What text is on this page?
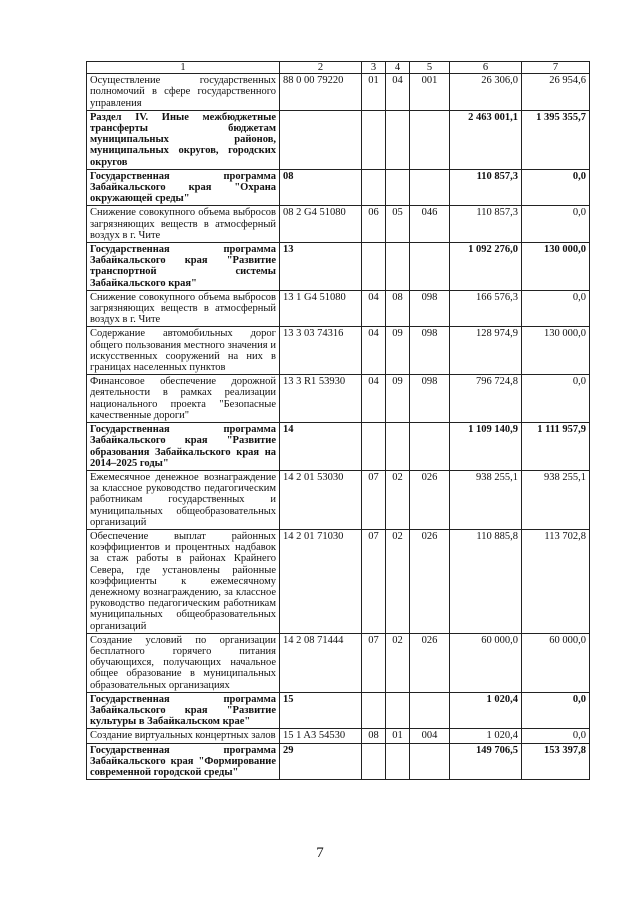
1	2	3	4	5	6	7
Осуществление государственных полномочий в сфере государственного управления	88 0 00 79220	01	04	001	26 306,0	26 954,6
Раздел IV. Иные межбюджетные трансферты бюджетам муниципальных районов, муниципальных округов, городских округов					2 463 001,1	1 395 355,7
Государственная программа Забайкальского края "Охрана окружающей среды"	08				110 857,3	0,0
Снижение совокупного объема выбросов загрязняющих веществ в атмосферный воздух в г. Чите	08 2 G4 51080	06	05	046	110 857,3	0,0
Государственная программа Забайкальского края "Развитие транспортной системы Забайкальского края"	13				1 092 276,0	130 000,0
Снижение совокупного объема выбросов загрязняющих веществ в атмосферный воздух в г. Чите	13 1 G4 51080	04	08	098	166 576,3	0,0
Содержание автомобильных дорог общего пользования местного значения и искусственных сооружений на них в границах населенных пунктов	13 3 03 74316	04	09	098	128 974,9	130 000,0
Финансовое обеспечение дорожной деятельности в рамках реализации национального проекта "Безопасные качественные дороги"	13 3 R1 53930	04	09	098	796 724,8	0,0
Государственная программа Забайкальского края "Развитие образования Забайкальского края на 2014–2025 годы"	14				1 109 140,9	1 111 957,9
Ежемесячное денежное вознаграждение за классное руководство педагогическим работникам государственных и муниципальных общеобразовательных организаций	14 2 01 53030	07	02	026	938 255,1	938 255,1
Обеспечение выплат районных коэффициентов и процентных надбавок за стаж работы в районах Крайнего Севера, где установлены районные коэффициенты к ежемесячному денежному вознаграждению, за классное руководство педагогическим работникам муниципальных общеобразовательных организаций	14 2 01 71030	07	02	026	110 885,8	113 702,8
Создание условий по организации бесплатного горячего питания обучающихся, получающих начальное общее образование в муниципальных образовательных организациях	14 2 08 71444	07	02	026	60 000,0	60 000,0
Государственная программа Забайкальского края "Развитие культуры в Забайкальском крае"	15				1 020,4	0,0
Создание виртуальных концертных залов	15 1 A3 54530	08	01	004	1 020,4	0,0
Государственная программа Забайкальского края "Формирование современной городской среды"	29				149 706,5	153 397,8
7
